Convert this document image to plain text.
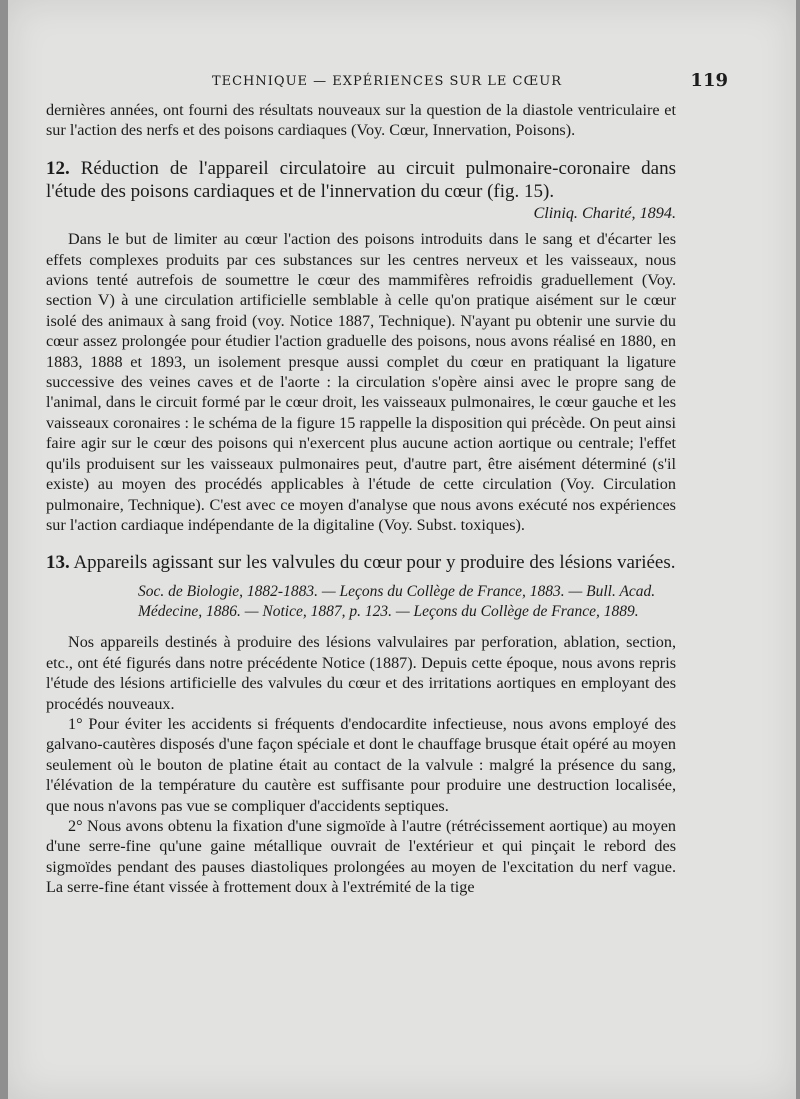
TECHNIQUE — EXPÉRIENCES SUR LE CŒUR	119

dernières années, ont fourni des résultats nouveaux sur la question de la diastole ventriculaire et sur l'action des nerfs et des poisons cardiaques (Voy. Cœur, Innervation, Poisons).

12. Réduction de l'appareil circulatoire au circuit pulmonaire-coronaire dans l'étude des poisons cardiaques et de l'innervation du cœur (fig. 15).

Cliniq. Charité, 1894.

Dans le but de limiter au cœur l'action des poisons introduits dans le sang et d'écarter les effets complexes produits par ces substances sur les centres nerveux et les vaisseaux, nous avions tenté autrefois de soumettre le cœur des mammifères refroidis graduellement (Voy. section V) à une circulation artificielle semblable à celle qu'on pratique aisément sur le cœur isolé des animaux à sang froid (voy. Notice 1887, Technique). N'ayant pu obtenir une survie du cœur assez prolongée pour étudier l'action graduelle des poisons, nous avons réalisé en 1880, en 1883, 1888 et 1893, un isolement presque aussi complet du cœur en pratiquant la ligature successive des veines caves et de l'aorte : la circulation s'opère ainsi avec le propre sang de l'animal, dans le circuit formé par le cœur droit, les vaisseaux pulmonaires, le cœur gauche et les vaisseaux coronaires : le schéma de la figure 15 rappelle la disposition qui précède. On peut ainsi faire agir sur le cœur des poisons qui n'exercent plus aucune action aortique ou centrale; l'effet qu'ils produisent sur les vaisseaux pulmonaires peut, d'autre part, être aisément déterminé (s'il existe) au moyen des procédés applicables à l'étude de cette circulation (Voy. Circulation pulmonaire, Technique). C'est avec ce moyen d'analyse que nous avons exécuté nos expériences sur l'action cardiaque indépendante de la digitaline (Voy. Subst. toxiques).

13. Appareils agissant sur les valvules du cœur pour y produire des lésions variées.

Soc. de Biologie, 1882-1883. — Leçons du Collège de France, 1883. — Bull. Acad. Médecine, 1886. — Notice, 1887, p. 123. — Leçons du Collège de France, 1889.

Nos appareils destinés à produire des lésions valvulaires par perforation, ablation, section, etc., ont été figurés dans notre précédente Notice (1887). Depuis cette époque, nous avons repris l'étude des lésions artificielle des valvules du cœur et des irritations aortiques en employant des procédés nouveaux.

1° Pour éviter les accidents si fréquents d'endocardite infectieuse, nous avons employé des galvano-cautères disposés d'une façon spéciale et dont le chauffage brusque était opéré au moyen seulement où le bouton de platine était au contact de la valvule : malgré la présence du sang, l'élévation de la température du cautère est suffisante pour produire une destruction localisée, que nous n'avons pas vue se compliquer d'accidents septiques.

2° Nous avons obtenu la fixation d'une sigmoïde à l'autre (rétrécissement aortique) au moyen d'une serre-fine qu'une gaine métallique ouvrait de l'extérieur et qui pinçait le rebord des sigmoïdes pendant des pauses diastoliques prolongées au moyen de l'excitation du nerf vague. La serre-fine étant vissée à frottement doux à l'extrémité de la tige
